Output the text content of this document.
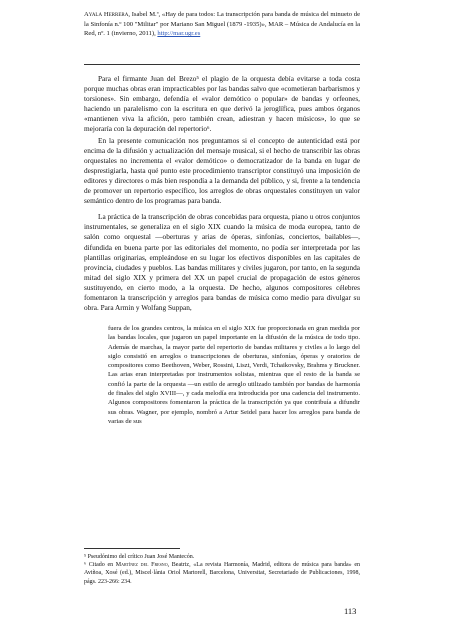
Ayala Herrera, Isabel M.ª, «Hay de para todos: La transcripción para banda de música del minueto de la Sinfonía n.º 100 "Militar" por Mariano San Miguel (1879 -1935)», MAR – Música de Andalucía en la Red, nº. 1 (invierno, 2011), http://mar.ugr.es

Para el firmante Juan del Brezo⁵ el plagio de la orquesta debía evitarse a toda costa porque muchas obras eran impracticables por las bandas salvo que «cometieran barbarismos y torsiones». Sin embargo, defendía el «valor demótico o popular» de bandas y orfeones, haciendo un paralelismo con la escritura en que derivó la jeroglífica, pues ambos órganos «mantienen viva la afición, pero también crean, adiestran y hacen músicos», lo que se mejoraría con la depuración del repertorio⁶.

En la presente comunicación nos preguntamos si el concepto de autenticidad está por encima de la difusión y actualización del mensaje musical, si el hecho de transcribir las obras orquestales no incrementa el «valor demótico» o democratizador de la banda en lugar de desprestigiarla, hasta qué punto este procedimiento transcriptor constituyó una imposición de editores y directores o más bien respondía a la demanda del público, y si, frente a la tendencia de promover un repertorio específico, los arreglos de obras orquestales constituyen un valor semántico dentro de los programas para banda.

La práctica de la transcripción de obras concebidas para orquesta, piano u otros conjuntos instrumentales, se generaliza en el siglo XIX cuando la música de moda europea, tanto de salón como orquestal —oberturas y arias de óperas, sinfonías, conciertos, bailables—, difundida en buena parte por las editoriales del momento, no podía ser interpretada por las plantillas originarias, empleándose en su lugar los efectivos disponibles en las capitales de provincia, ciudades y pueblos. Las bandas militares y civiles jugaron, por tanto, en la segunda mitad del siglo XIX y primera del XX un papel crucial de propagación de estos géneros sustituyendo, en cierto modo, a la orquesta. De hecho, algunos compositores célebres fomentaron la transcripción y arreglos para bandas de música como medio para divulgar su obra. Para Armin y Wolfang Suppan,

fuera de los grandes centros, la música en el siglo XIX fue proporcionada en gran medida por las bandas locales, que jugaron un papel importante en la difusión de la música de todo tipo. Además de marchas, la mayor parte del repertorio de bandas militares y civiles a lo largo del siglo consistió en arreglos o transcripciones de oberturas, sinfonías, óperas y oratorios de compositores como Beethoven, Weber, Rossini, Liszt, Verdi, Tchaikovsky, Brahms y Bruckner. Las arias eran interpretadas por instrumentos solistas, mientras que el resto de la banda se confió la parte de la orquesta —un estilo de arreglo utilizado también por bandas de harmonía de finales del siglo XVIII—, y cada melodía era introducida por una cadencia del instrumento. Algunos compositores fomentaron la práctica de la transcripción ya que contribuía a difundir sus obras. Wagner, por ejemplo, nombró a Artur Seidel para hacer los arreglos para banda de varias de sus

⁵ Pseudónimo del crítico Juan José Mantecón.

⁶ Citado en Martínez del Fresno, Beatriz, «La revista Harmonía, Madrid, editora de música para banda» en Aviñoa, Xosé (ed.), Miscel·lània Oriol Martorell, Barcelona, Universitat, Secretariado de Publicaciones, 1998, págs. 223-266: 234.

113
